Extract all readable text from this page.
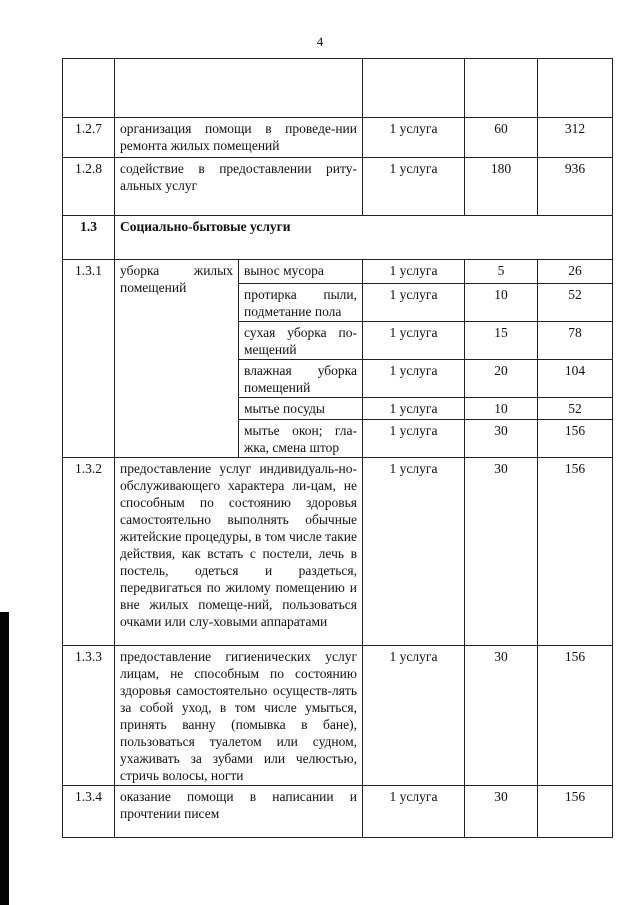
4

1.2.7	организация помощи в проведе-нии ремонта жилых помещений		1 услуга	60	312
1.2.8	содействие в предоставлении риту-альных услуг		1 услуга	180	936
1.3	Социально-бытовые услуги				
1.3.1	уборка жилых помещений	вынос мусора	1 услуга	5	26
		протирка пыли, подметание пола	1 услуга	10	52
		сухая уборка по-мещений	1 услуга	15	78
		влажная уборка помещений	1 услуга	20	104
		мытье посуды	1 услуга	10	52
		мытье окон; гла-жка, смена штор	1 услуга	30	156
1.3.2	предоставление услуг индивидуаль-но-обслуживающего характера ли-цам, не способным по состоянию здоровья самостоятельно выполнять обычные житейские процедуры, в том числе такие действия, как встать с постели, лечь в постель, одеться и раздеться, передвигаться по жилому помещению и вне жилых помеще-ний, пользоваться очками или слу-ховыми аппаратами		1 услуга	30	156
1.3.3	предоставление гигиенических услуг лицам, не способным по состоянию здоровья самостоятельно осуществ-лять за собой уход, в том числе умыться, принять ванну (помывка в бане), пользоваться туалетом или судном, ухаживать за зубами или челюстью, стричь волосы, ногти		1 услуга	30	156
1.3.4	оказание помощи в написании и прочтении писем		1 услуга	30	156
